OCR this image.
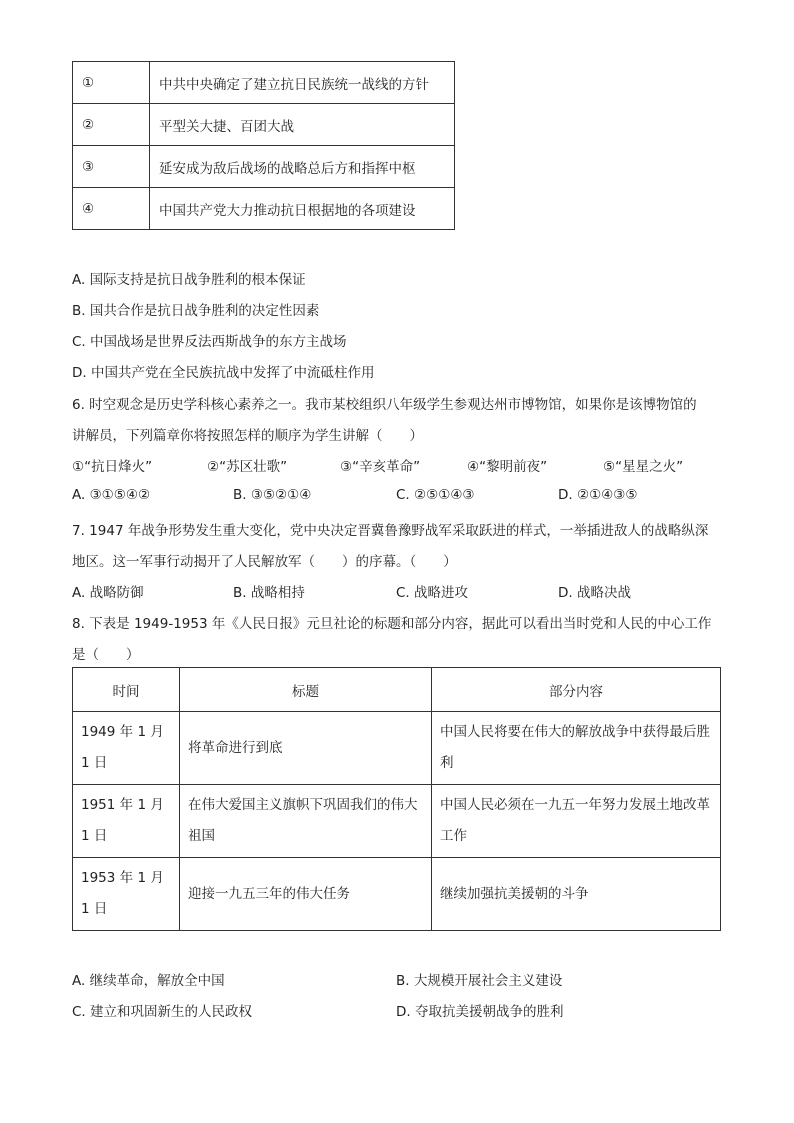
①	中共中央确定了建立抗日民族统一战线的方针
②	平型关大捷、百团大战
③	延安成为敌后战场的战略总后方和指挥中枢
④	中国共产党大力推动抗日根据地的各项建设
A. 国际支持是抗日战争胜利的根本保证
B. 国共合作是抗日战争胜利的决定性因素
C. 中国战场是世界反法西斯战争的东方主战场
D. 中国共产党在全民族抗战中发挥了中流砥柱作用
6. 时空观念是历史学科核心素养之一。我市某校组织八年级学生参观达州市博物馆，如果你是该博物馆的
讲解员，下列篇章你将按照怎样的顺序为学生讲解（　　）
①“抗日烽火”	②“苏区壮歌”	③“辛亥革命”	④“黎明前夜”	⑤“星星之火”
A. ③①⑤④②	B. ③⑤②①④	C. ②⑤①④③	D. ②①④③⑤
7. 1947 年战争形势发生重大变化，党中央决定晋冀鲁豫野战军采取跃进的样式，一举插进敌人的战略纵深
地区。这一军事行动揭开了人民解放军（　　）的序幕。（　　）
A. 战略防御	B. 战略相持	C. 战略进攻	D. 战略决战
8. 下表是 1949-1953 年《人民日报》元旦社论的标题和部分内容，据此可以看出当时党和人民的中心工作
是（　　）
时间	标题	部分内容
1949 年 1 月 1 日	将革命进行到底	中国人民将要在伟大的解放战争中获得最后胜利
1951 年 1 月 1 日	在伟大爱国主义旗帜下巩固我们的伟大祖国	中国人民必须在一九五一年努力发展土地改革工作
1953 年 1 月 1 日	迎接一九五三年的伟大任务	继续加强抗美援朝的斗争
A. 继续革命，解放全中国	B. 大规模开展社会主义建设
C. 建立和巩固新生的人民政权	D. 夺取抗美援朝战争的胜利
